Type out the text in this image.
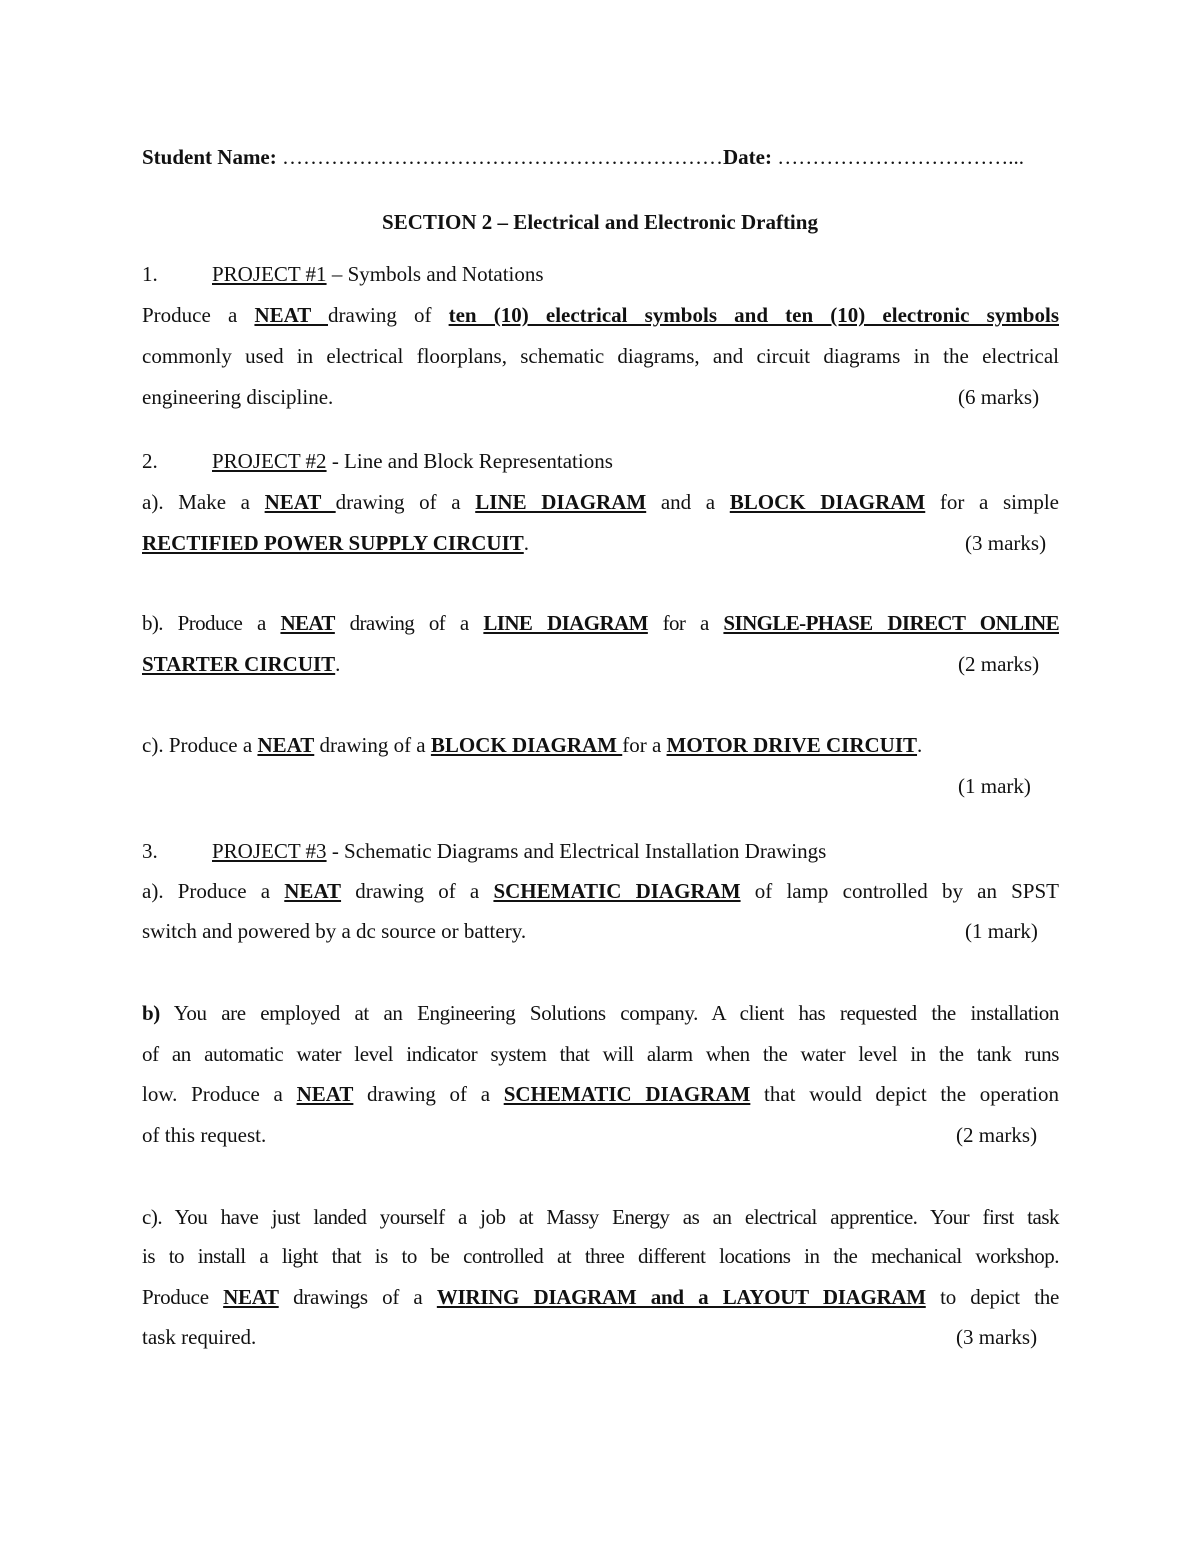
Student Name: ………………………………………………………Date: ……………………………...
SECTION 2 – Electrical and Electronic Drafting
1.	PROJECT #1 – Symbols and Notations
Produce a NEAT drawing of ten (10) electrical symbols and ten (10) electronic symbols
commonly used in electrical floorplans, schematic diagrams, and circuit diagrams in the electrical
engineering discipline.	(6 marks)
2.	PROJECT #2 - Line and Block Representations
a). Make a NEAT drawing of a LINE DIAGRAM and a BLOCK DIAGRAM for a simple
RECTIFIED POWER SUPPLY CIRCUIT.	(3 marks)
b). Produce a NEAT drawing of a LINE DIAGRAM for a SINGLE-PHASE DIRECT ONLINE
STARTER CIRCUIT.	(2 marks)
c). Produce a NEAT drawing of a BLOCK DIAGRAM for a MOTOR DRIVE CIRCUIT.
(1 mark)
3.	PROJECT #3 - Schematic Diagrams and Electrical Installation Drawings
a). Produce a NEAT drawing of a SCHEMATIC DIAGRAM of lamp controlled by an SPST
switch and powered by a dc source or battery.	(1 mark)
b) You are employed at an Engineering Solutions company. A client has requested the installation
of an automatic water level indicator system that will alarm when the water level in the tank runs
low. Produce a NEAT drawing of a SCHEMATIC DIAGRAM that would depict the operation
of this request.	(2 marks)
c). You have just landed yourself a job at Massy Energy as an electrical apprentice. Your first task
is to install a light that is to be controlled at three different locations in the mechanical workshop.
Produce NEAT drawings of a WIRING DIAGRAM and a LAYOUT DIAGRAM to depict the
task required.	(3 marks)
